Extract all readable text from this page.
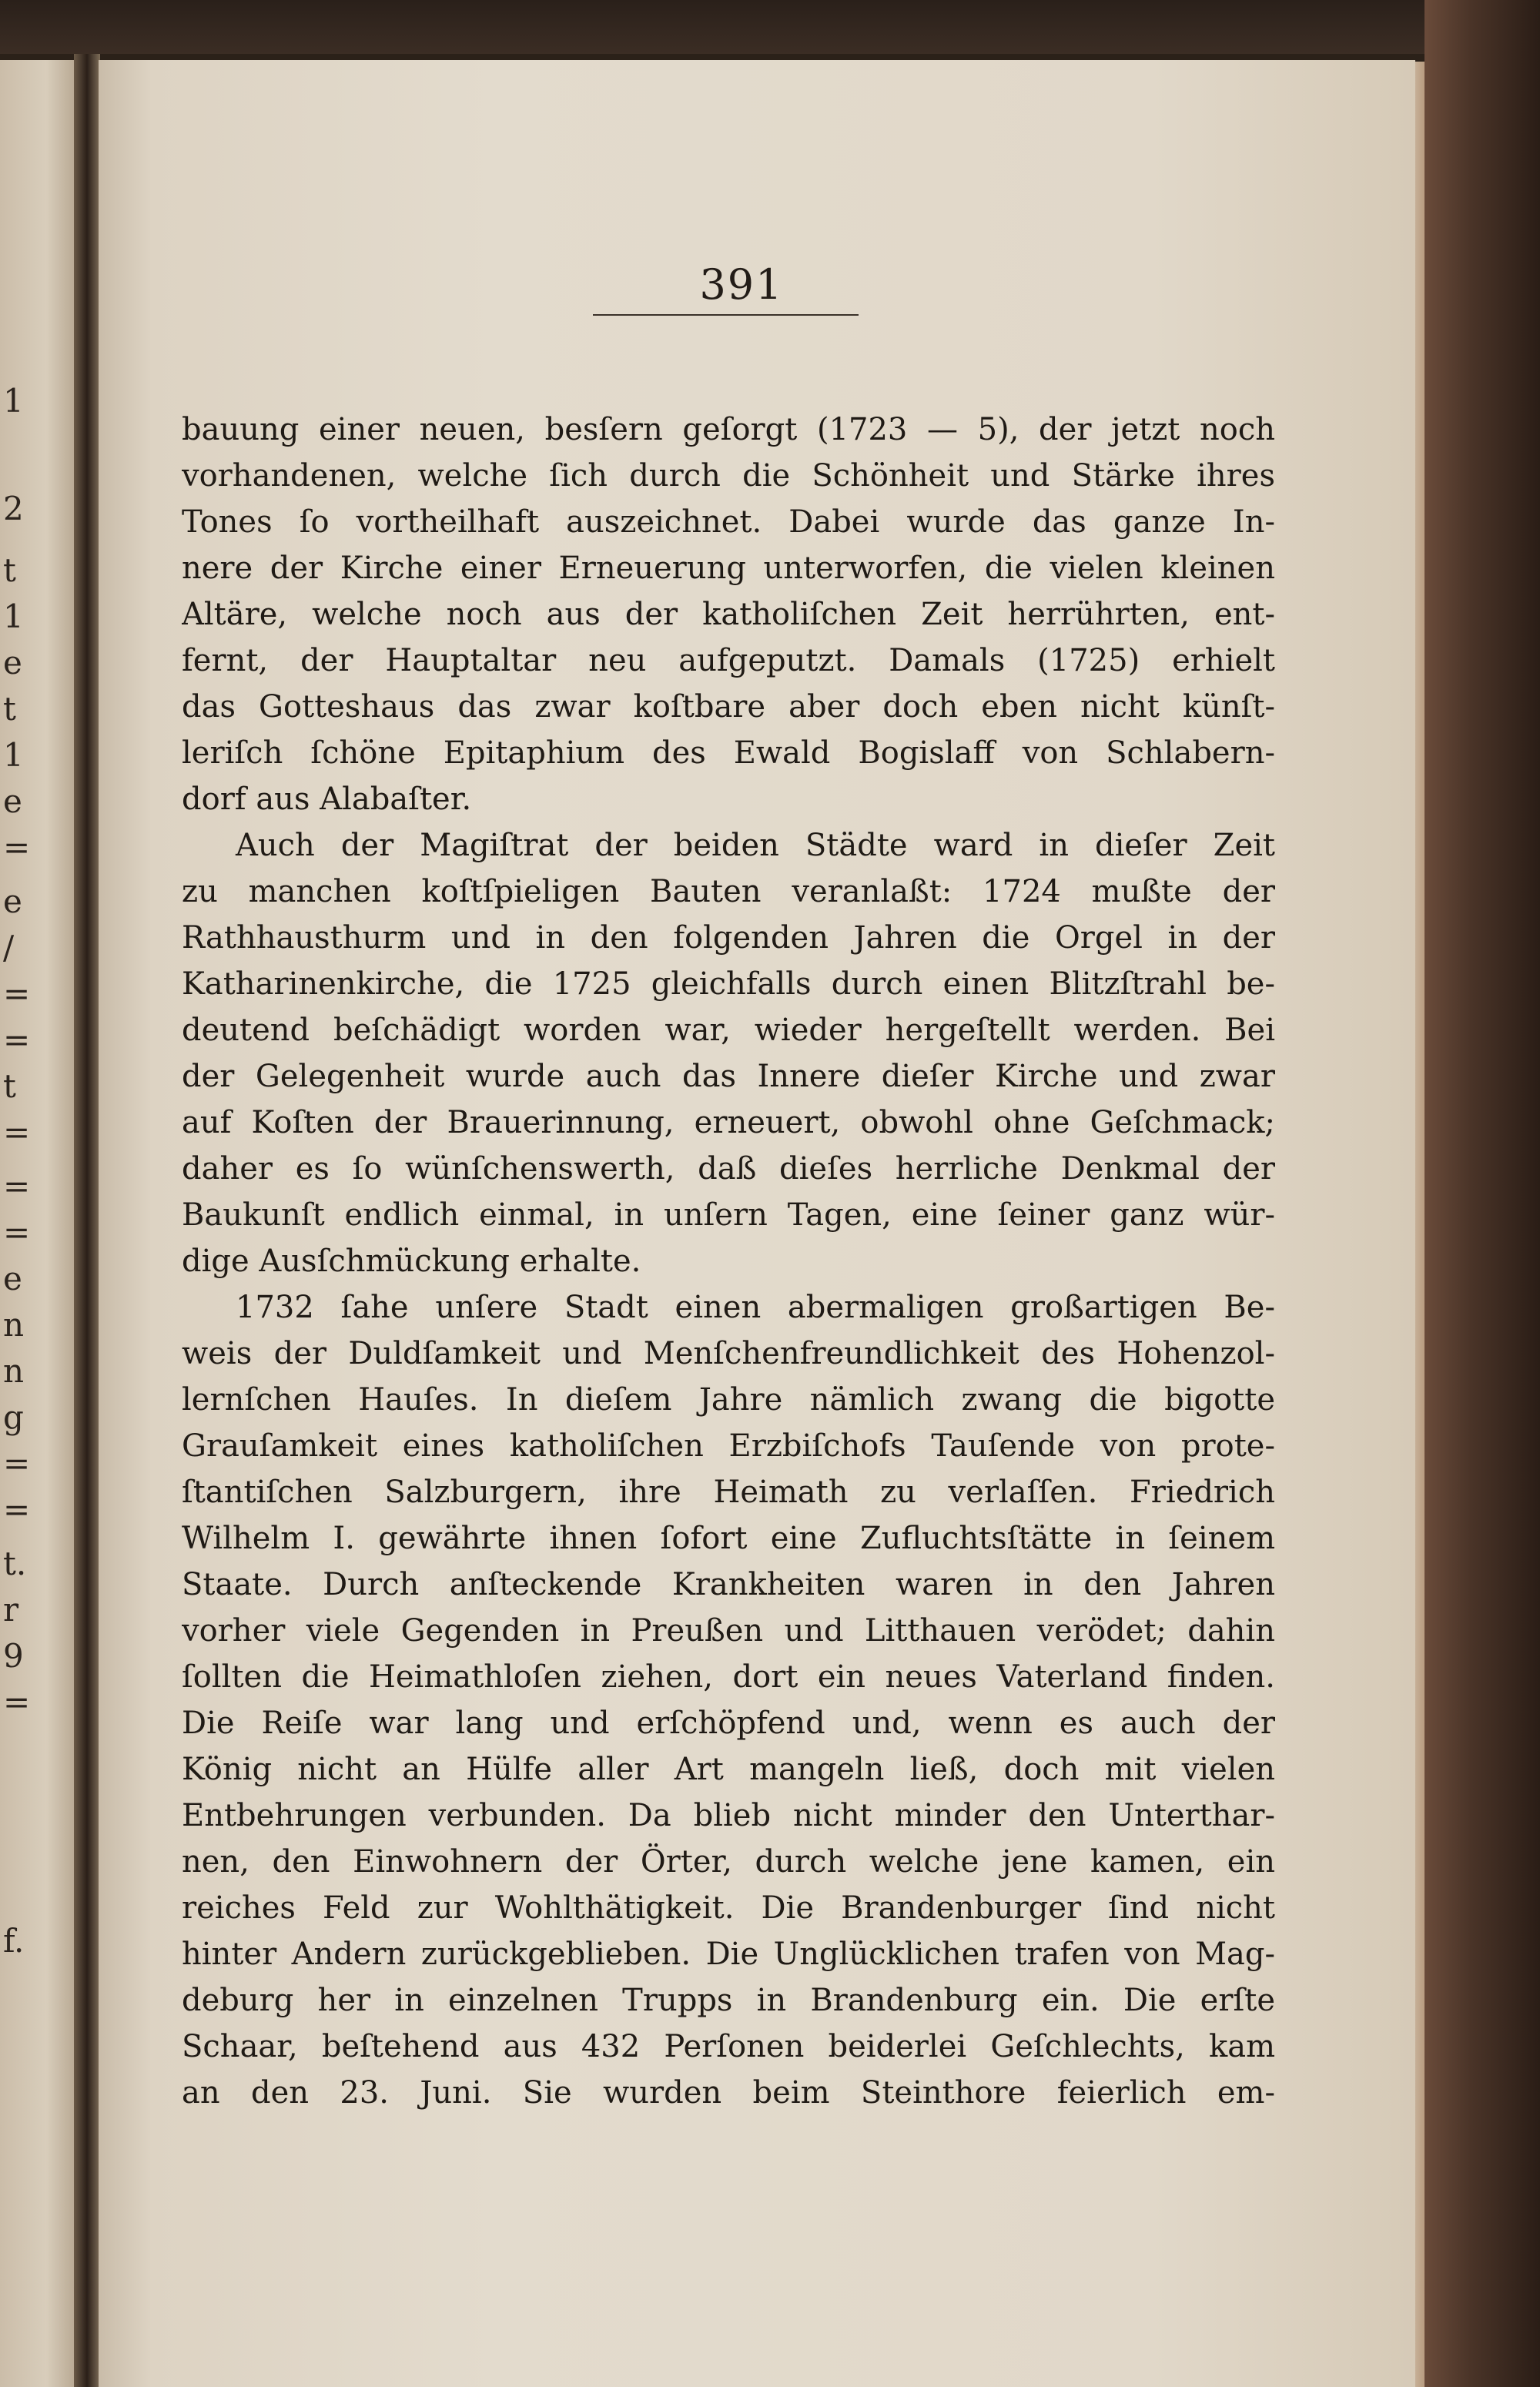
1
2
t
1
e
t
1
e
=
e
/
=
=
t
=
=
=
e
n
n
g
=
=
t.
r
9
=
f.
391
bauung einer neuen, besſern geſorgt (1723 — 5), der jetzt noch
vorhandenen, welche ſich durch die Schönheit und Stärke ihres
Tones ſo vortheilhaft auszeichnet. Dabei wurde das ganze In-
nere der Kirche einer Erneuerung unterworfen, die vielen kleinen
Altäre, welche noch aus der katholiſchen Zeit herrührten, ent-
fernt, der Hauptaltar neu aufgeputzt. Damals (1725) erhielt
das Gotteshaus das zwar koſtbare aber doch eben nicht künſt-
leriſch ſchöne Epitaphium des Ewald Bogislaff von Schlabern-
dorf aus Alabaſter.
Auch der Magiſtrat der beiden Städte ward in dieſer Zeit
zu manchen koſtſpieligen Bauten veranlaßt: 1724 mußte der
Rathhausthurm und in den folgenden Jahren die Orgel in der
Katharinenkirche, die 1725 gleichfalls durch einen Blitzſtrahl be-
deutend beſchädigt worden war, wieder hergeſtellt werden. Bei
der Gelegenheit wurde auch das Innere dieſer Kirche und zwar
auf Koſten der Brauerinnung, erneuert, obwohl ohne Geſchmack;
daher es ſo wünſchenswerth, daß dieſes herrliche Denkmal der
Baukunſt endlich einmal, in unſern Tagen, eine ſeiner ganz wür-
dige Ausſchmückung erhalte.
1732 ſahe unſere Stadt einen abermaligen großartigen Be-
weis der Duldſamkeit und Menſchenfreundlichkeit des Hohenzol-
lernſchen Hauſes. In dieſem Jahre nämlich zwang die bigotte
Grauſamkeit eines katholiſchen Erzbiſchofs Tauſende von prote-
ſtantiſchen Salzburgern, ihre Heimath zu verlaſſen. Friedrich
Wilhelm I. gewährte ihnen ſofort eine Zufluchtsſtätte in ſeinem
Staate. Durch anſteckende Krankheiten waren in den Jahren
vorher viele Gegenden in Preußen und Litthauen verödet; dahin
ſollten die Heimathloſen ziehen, dort ein neues Vaterland finden.
Die Reiſe war lang und erſchöpfend und, wenn es auch der
König nicht an Hülfe aller Art mangeln ließ, doch mit vielen
Entbehrungen verbunden. Da blieb nicht minder den Unterthar-
nen, den Einwohnern der Örter, durch welche jene kamen, ein
reiches Feld zur Wohlthätigkeit. Die Brandenburger ſind nicht
hinter Andern zurückgeblieben. Die Unglücklichen trafen von Mag-
deburg her in einzelnen Trupps in Brandenburg ein. Die erſte
Schaar, beſtehend aus 432 Perſonen beiderlei Geſchlechts, kam
an den 23. Juni. Sie wurden beim Steinthore feierlich em-
